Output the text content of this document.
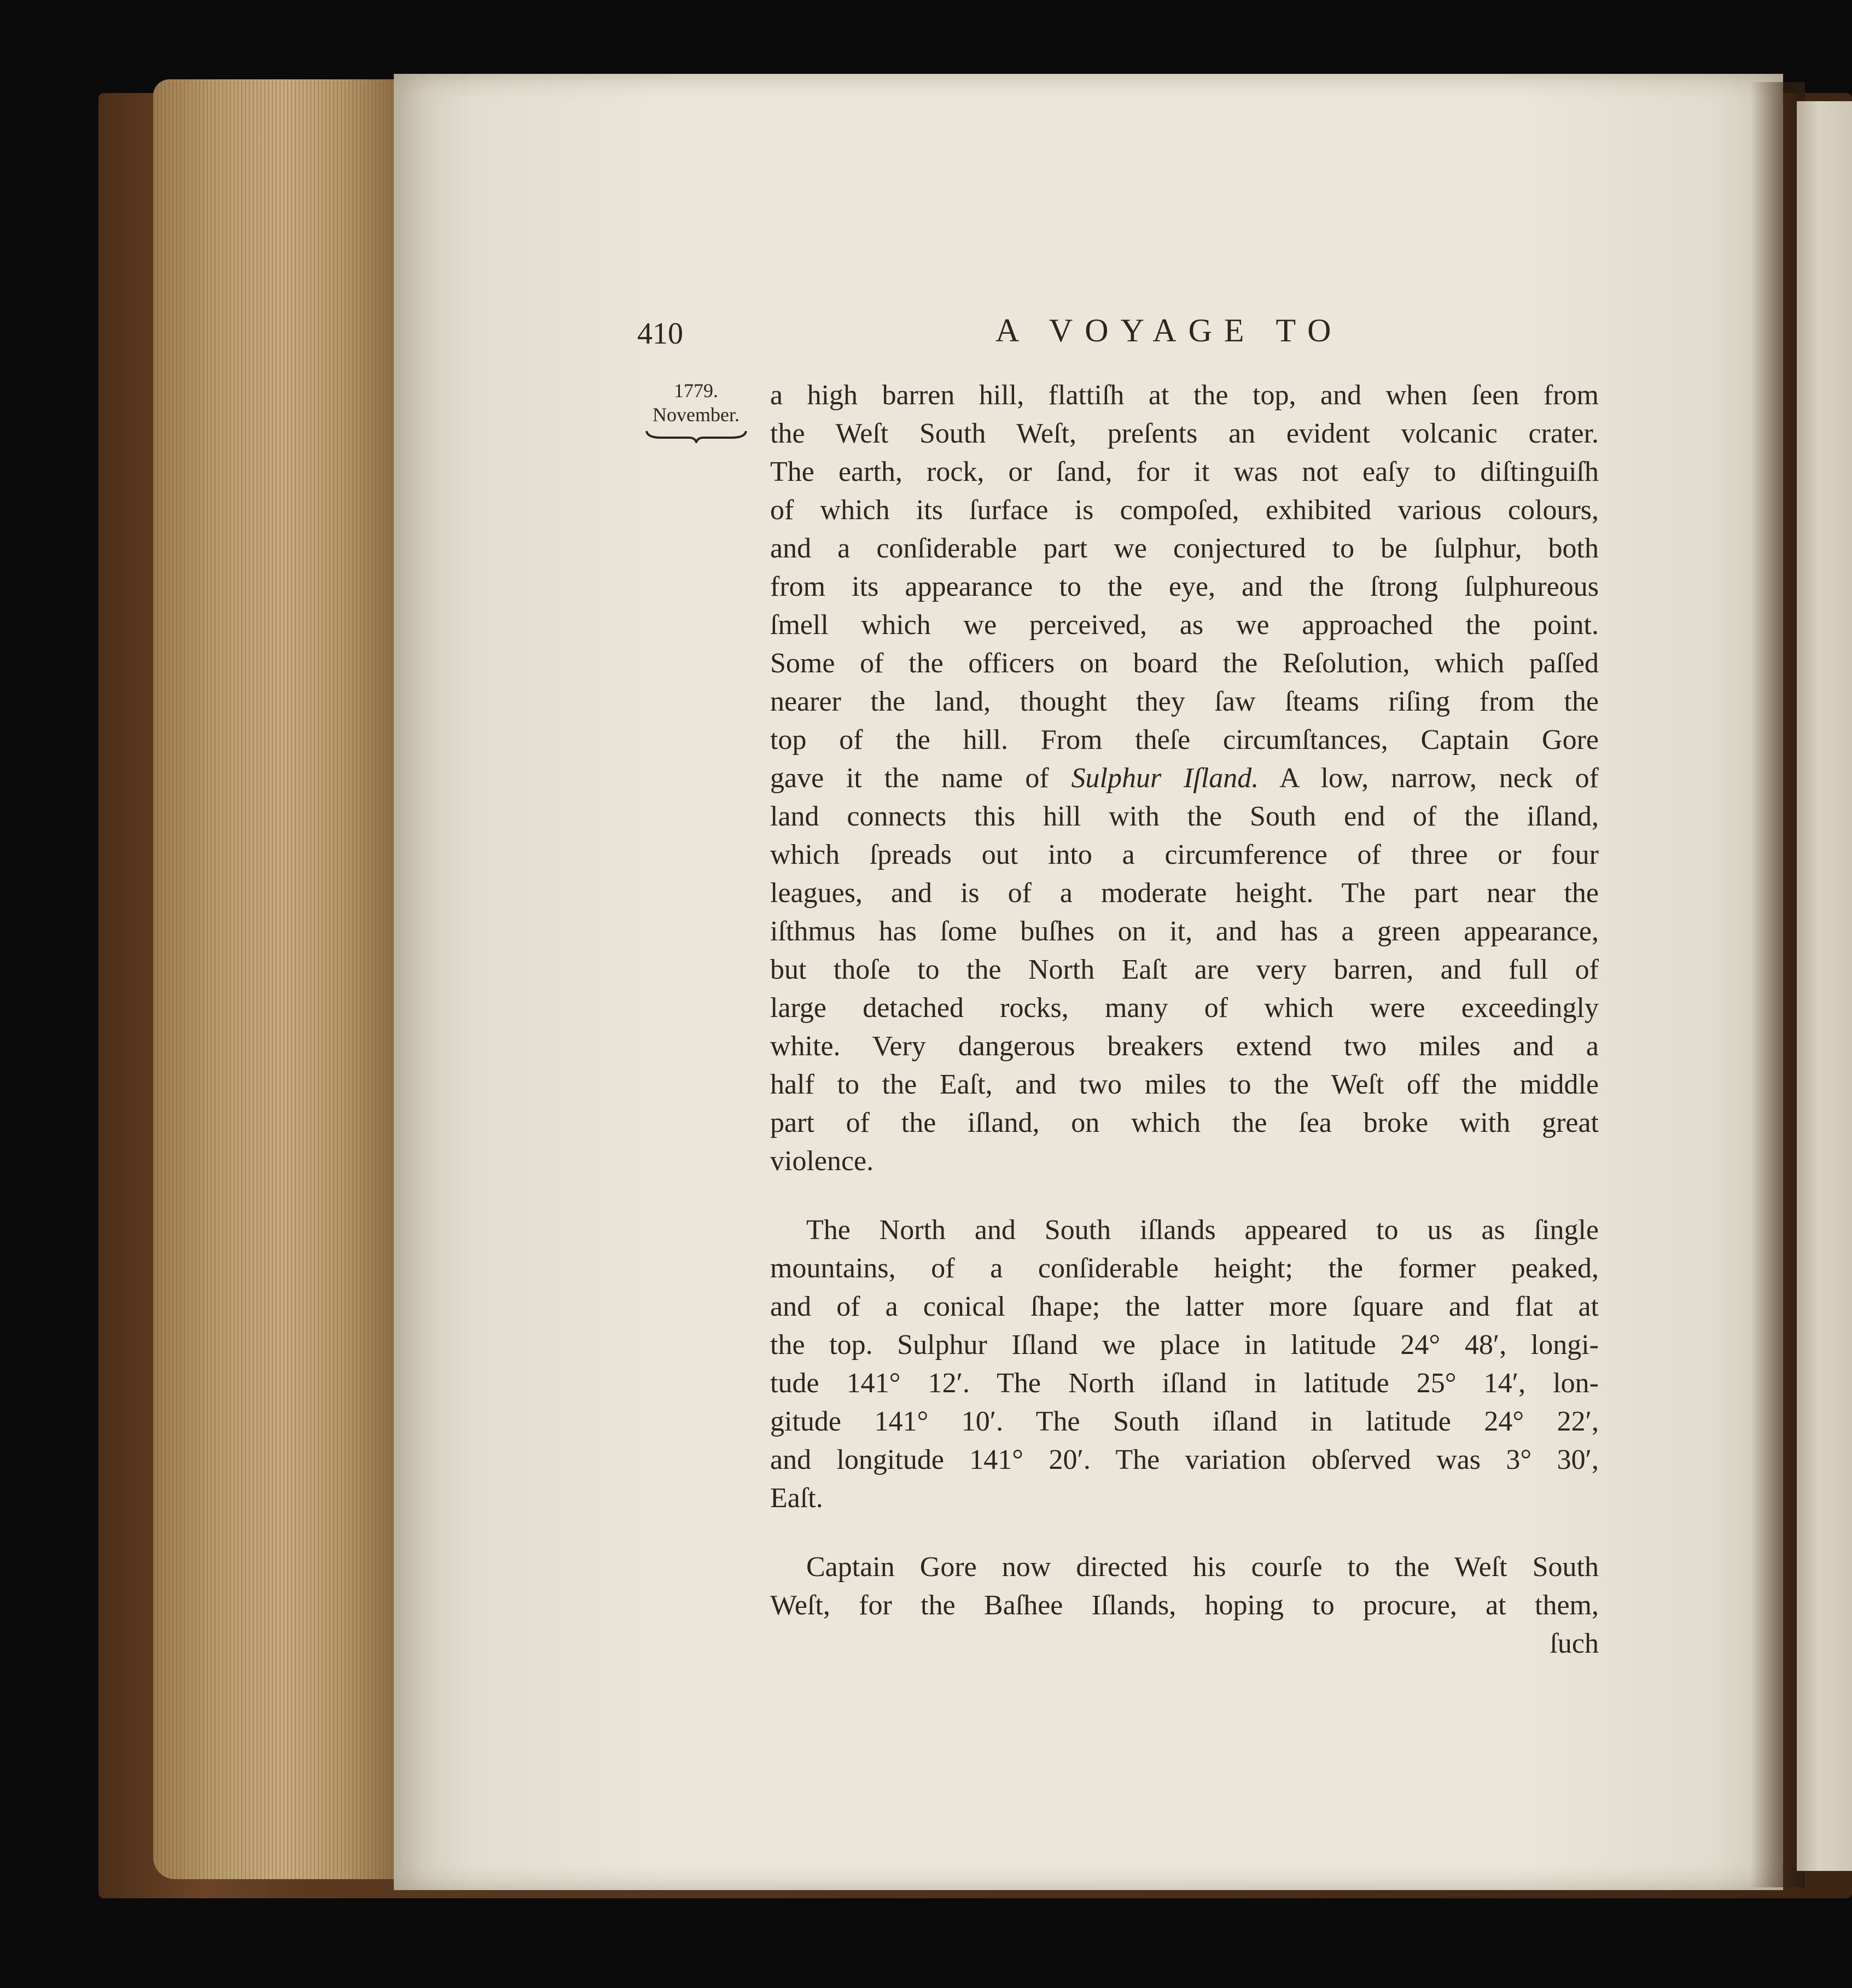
410	A VOYAGE TO
1779.
November.
a high barren hill, flattiſh at the top, and when ſeen from
the Weſt South Weſt, preſents an evident volcanic crater.
The earth, rock, or ſand, for it was not eaſy to diſtinguiſh
of which its ſurface is compoſed, exhibited various colours,
and a conſiderable part we conjectured to be ſulphur, both
from its appearance to the eye, and the ſtrong ſulphureous
ſmell which we perceived, as we approached the point.
Some of the officers on board the Reſolution, which paſſed
nearer the land, thought they ſaw ſteams riſing from the
top of the hill. From theſe circumſtances, Captain Gore
gave it the name of Sulphur Iſland. A low, narrow, neck of
land connects this hill with the South end of the iſland,
which ſpreads out into a circumference of three or four
leagues, and is of a moderate height. The part near the
iſthmus has ſome buſhes on it, and has a green appearance,
but thoſe to the North Eaſt are very barren, and full of
large detached rocks, many of which were exceedingly
white. Very dangerous breakers extend two miles and a
half to the Eaſt, and two miles to the Weſt off the middle
part of the iſland, on which the ſea broke with great
violence.
The North and South iſlands appeared to us as ſingle
mountains, of a conſiderable height; the former peaked,
and of a conical ſhape; the latter more ſquare and flat at
the top. Sulphur Iſland we place in latitude 24° 48′, longi-
tude 141° 12′. The North iſland in latitude 25° 14′, lon-
gitude 141° 10′. The South iſland in latitude 24° 22′,
and longitude 141° 20′. The variation obſerved was 3° 30′,
Eaſt.
Captain Gore now directed his courſe to the Weſt South
Weſt, for the Baſhee Iſlands, hoping to procure, at them,
ſuch
